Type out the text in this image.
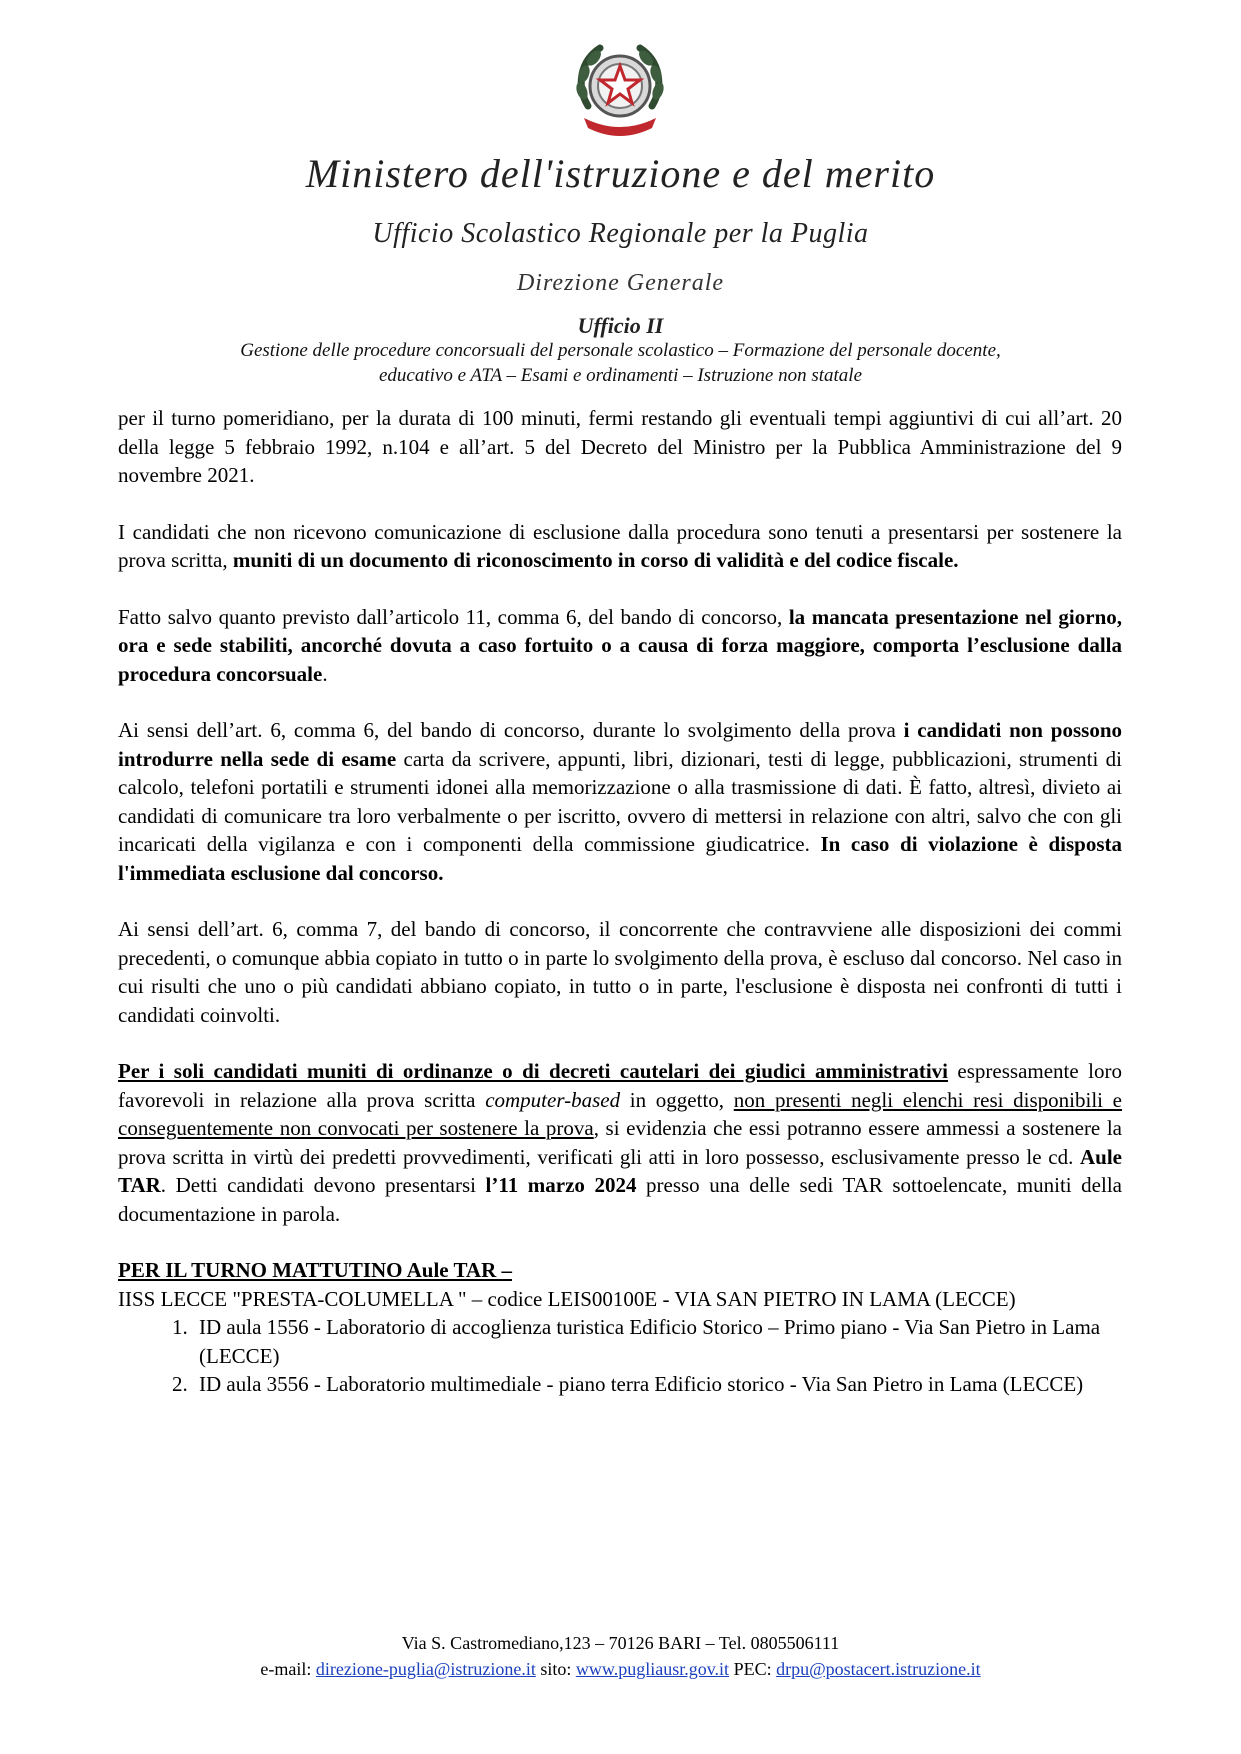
Ministero dell'istruzione e del merito
Ufficio Scolastico Regionale per la Puglia
Direzione Generale
Ufficio II
Gestione delle procedure concorsuali del personale scolastico – Formazione del personale docente,
educativo e ATA – Esami e ordinamenti – Istruzione non statale

per il turno pomeridiano, per la durata di 100 minuti, fermi restando gli eventuali tempi aggiuntivi di cui all’art. 20 della legge 5 febbraio 1992, n.104 e all’art. 5 del Decreto del Ministro per la Pubblica Amministrazione del 9 novembre 2021.

I candidati che non ricevono comunicazione di esclusione dalla procedura sono tenuti a presentarsi per sostenere la prova scritta, muniti di un documento di riconoscimento in corso di validità e del codice fiscale.

Fatto salvo quanto previsto dall’articolo 11, comma 6, del bando di concorso, la mancata presentazione nel giorno, ora e sede stabiliti, ancorché dovuta a caso fortuito o a causa di forza maggiore, comporta l’esclusione dalla procedura concorsuale.

Ai sensi dell’art. 6, comma 6, del bando di concorso, durante lo svolgimento della prova i candidati non possono introdurre nella sede di esame carta da scrivere, appunti, libri, dizionari, testi di legge, pubblicazioni, strumenti di calcolo, telefoni portatili e strumenti idonei alla memorizzazione o alla trasmissione di dati. È fatto, altresì, divieto ai candidati di comunicare tra loro verbalmente o per iscritto, ovvero di mettersi in relazione con altri, salvo che con gli incaricati della vigilanza e con i componenti della commissione giudicatrice. In caso di violazione è disposta l'immediata esclusione dal concorso.

Ai sensi dell’art. 6, comma 7, del bando di concorso, il concorrente che contravviene alle disposizioni dei commi precedenti, o comunque abbia copiato in tutto o in parte lo svolgimento della prova, è escluso dal concorso. Nel caso in cui risulti che uno o più candidati abbiano copiato, in tutto o in parte, l'esclusione è disposta nei confronti di tutti i candidati coinvolti.

Per i soli candidati muniti di ordinanze o di decreti cautelari dei giudici amministrativi espressamente loro favorevoli in relazione alla prova scritta computer-based in oggetto, non presenti negli elenchi resi disponibili e conseguentemente non convocati per sostenere la prova, si evidenzia che essi potranno essere ammessi a sostenere la prova scritta in virtù dei predetti provvedimenti, verificati gli atti in loro possesso, esclusivamente presso le cd. Aule TAR. Detti candidati devono presentarsi l’11 marzo 2024 presso una delle sedi TAR sottoelencate, muniti della documentazione in parola.

PER IL TURNO MATTUTINO Aule TAR –

IISS LECCE "PRESTA-COLUMELLA " – codice LEIS00100E - VIA SAN PIETRO IN LAMA (LECCE)

1. ID aula 1556 - Laboratorio di accoglienza turistica Edificio Storico – Primo piano - Via San Pietro in Lama (LECCE)
2. ID aula 3556 - Laboratorio multimediale - piano terra Edificio storico - Via San Pietro in Lama (LECCE)
Via S. Castromediano,123 – 70126 BARI – Tel. 0805506111
e-mail: direzione-puglia@istruzione.it sito: www.pugliausr.gov.it PEC: drpu@postacert.istruzione.it
